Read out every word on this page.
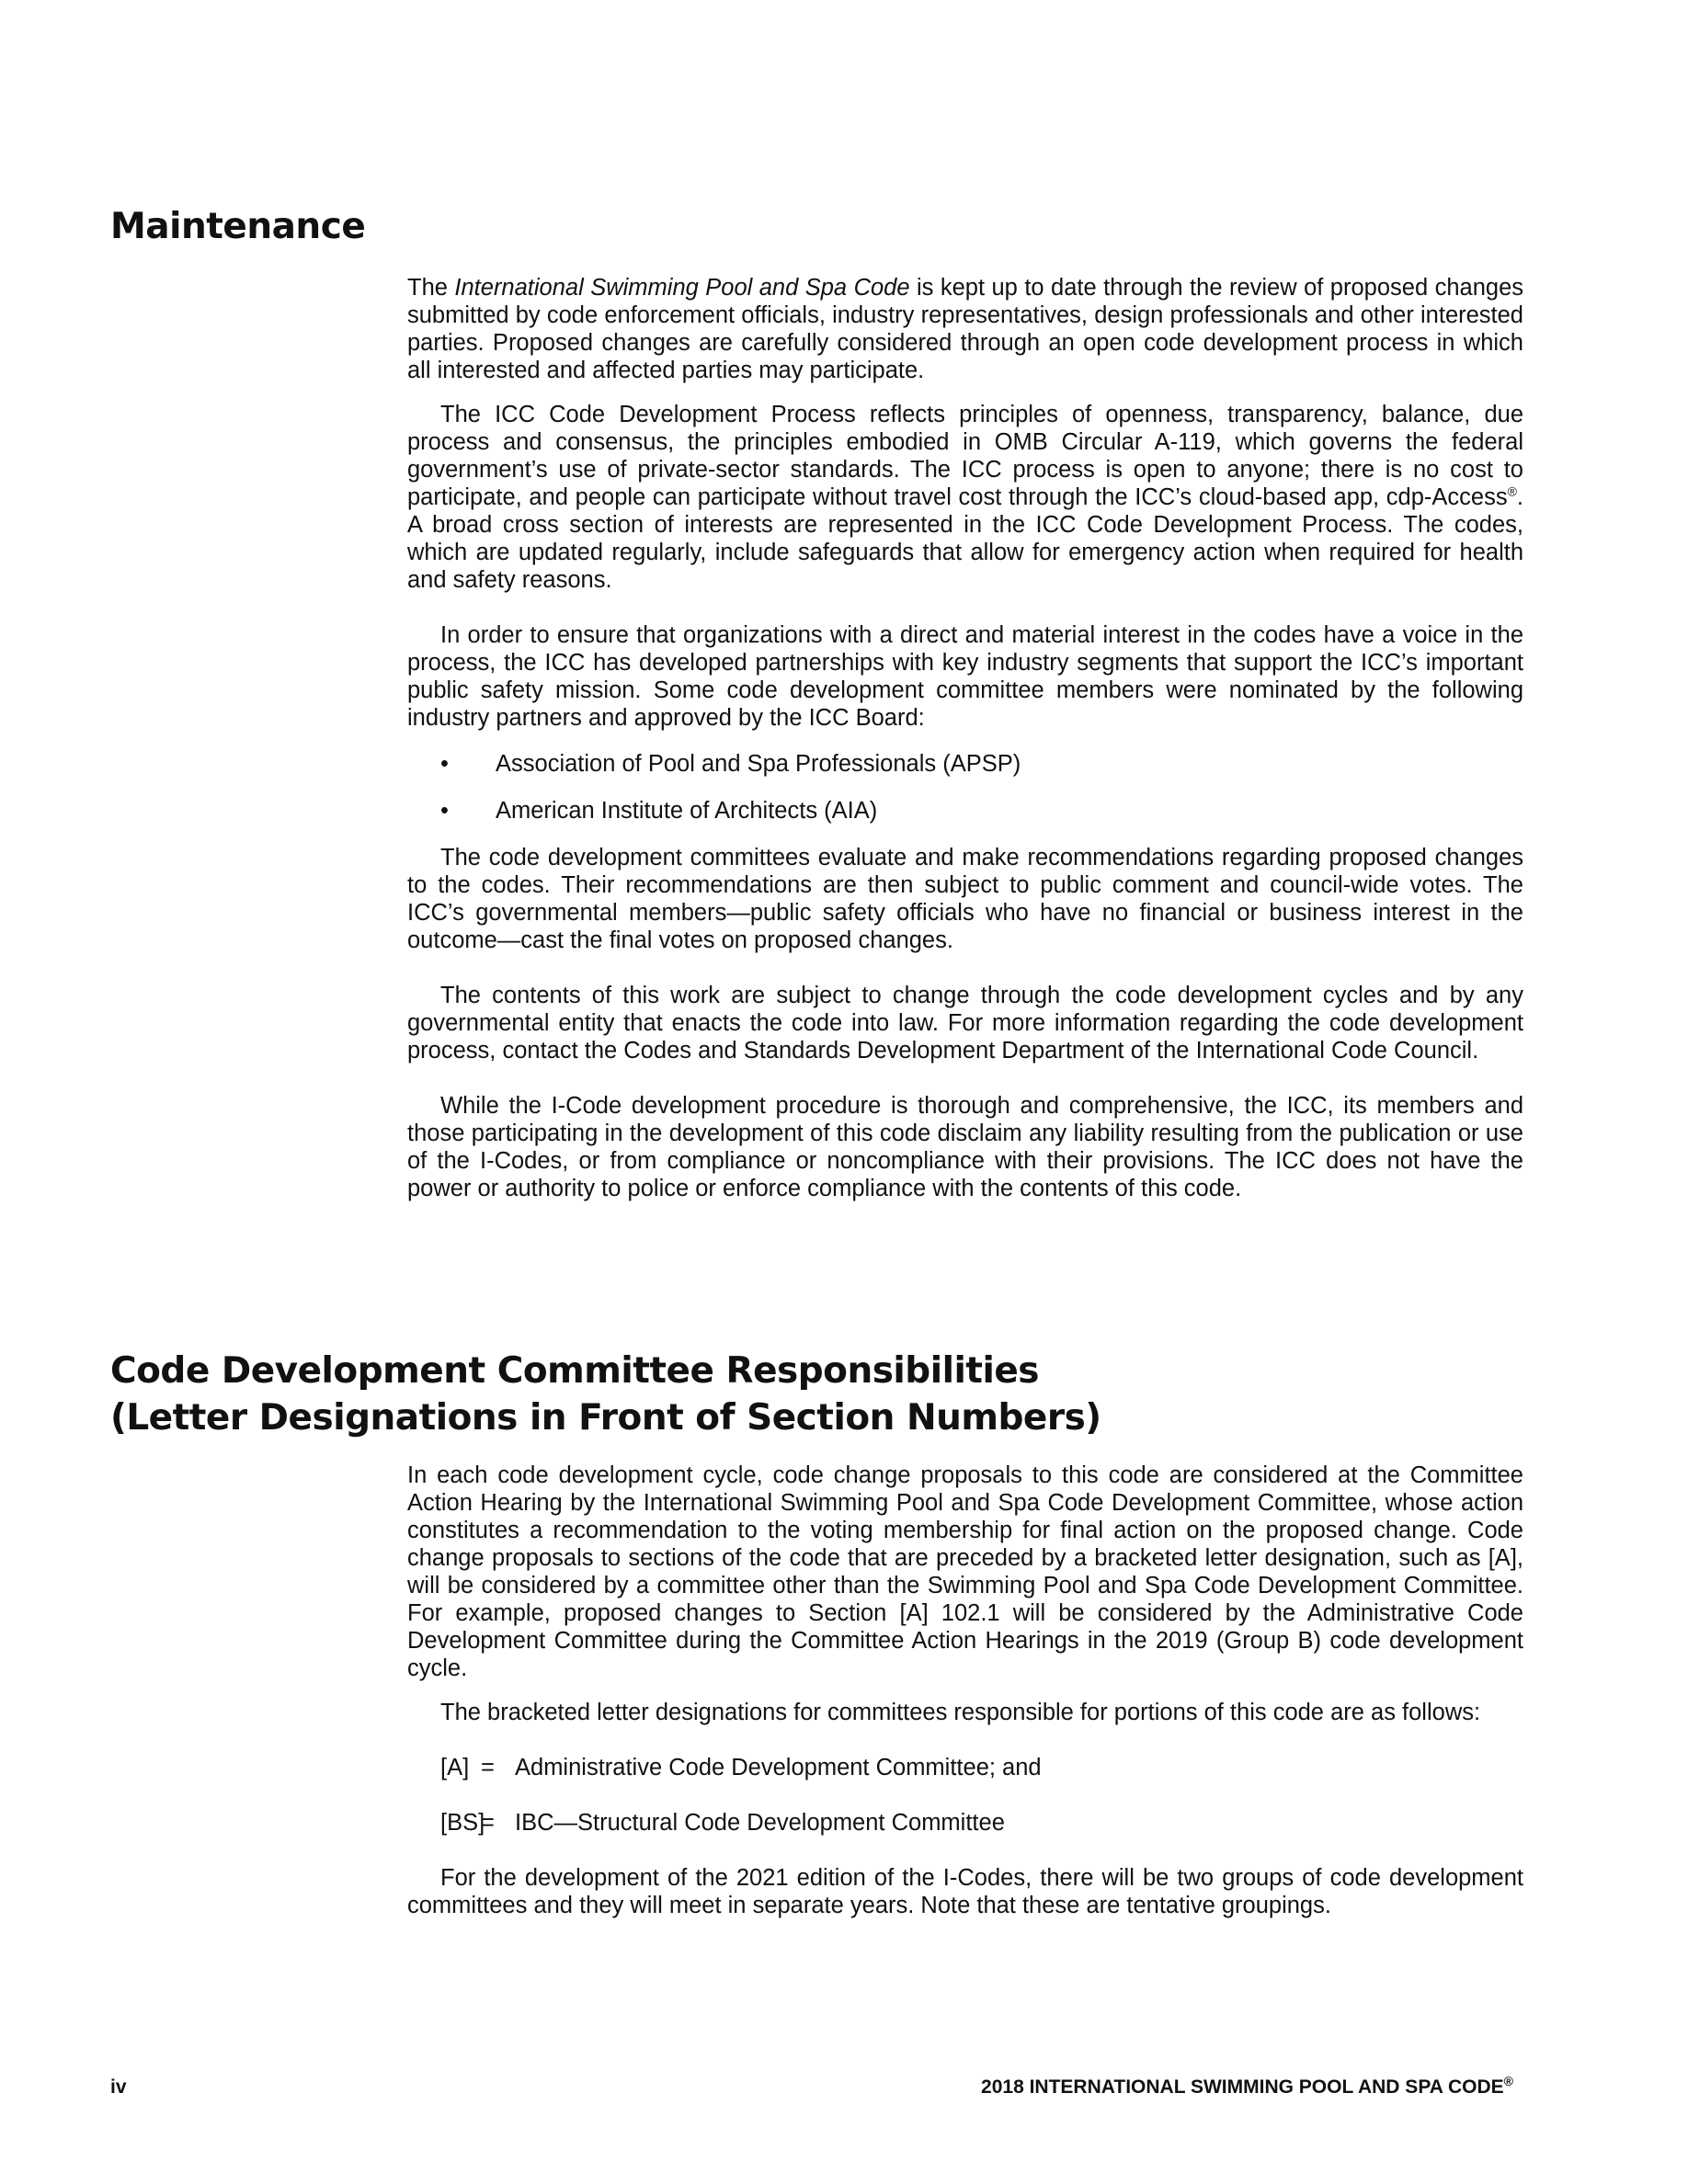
Maintenance

The International Swimming Pool and Spa Code is kept up to date through the review of proposed changes submitted by code enforcement officials, industry representatives, design professionals and other interested parties. Proposed changes are carefully considered through an open code development process in which all interested and affected parties may participate.

The ICC Code Development Process reflects principles of openness, transparency, balance, due process and consensus, the principles embodied in OMB Circular A-119, which governs the federal government’s use of private-sector standards. The ICC process is open to anyone; there is no cost to participate, and people can participate without travel cost through the ICC’s cloud-based app, cdp-Access®. A broad cross section of interests are represented in the ICC Code Development Process. The codes, which are updated regularly, include safeguards that allow for emergency action when required for health and safety reasons.

In order to ensure that organizations with a direct and material interest in the codes have a voice in the process, the ICC has developed partnerships with key industry segments that support the ICC’s important public safety mission. Some code development committee members were nominated by the following industry partners and approved by the ICC Board:

• Association of Pool and Spa Professionals (APSP)
• American Institute of Architects (AIA)

The code development committees evaluate and make recommendations regarding proposed changes to the codes. Their recommendations are then subject to public comment and council-wide votes. The ICC’s governmental members—public safety officials who have no financial or business interest in the outcome—cast the final votes on proposed changes.

The contents of this work are subject to change through the code development cycles and by any governmental entity that enacts the code into law. For more information regarding the code development process, contact the Codes and Standards Development Department of the International Code Council.

While the I-Code development procedure is thorough and comprehensive, the ICC, its members and those participating in the development of this code disclaim any liability resulting from the publication or use of the I-Codes, or from compliance or noncompliance with their provisions. The ICC does not have the power or authority to police or enforce compliance with the contents of this code.

Code Development Committee Responsibilities
(Letter Designations in Front of Section Numbers)

In each code development cycle, code change proposals to this code are considered at the Committee Action Hearing by the International Swimming Pool and Spa Code Development Committee, whose action constitutes a recommendation to the voting membership for final action on the proposed change. Code change proposals to sections of the code that are preceded by a bracketed letter designation, such as [A], will be considered by a committee other than the Swimming Pool and Spa Code Development Committee. For example, proposed changes to Section [A] 102.1 will be considered by the Administrative Code Development Committee during the Committee Action Hearings in the 2019 (Group B) code development cycle.

The bracketed letter designations for committees responsible for portions of this code are as follows:

[A] = Administrative Code Development Committee; and
[BS]
= IBC—Structural Code Development Committee

For the development of the 2021 edition of the I-Codes, there will be two groups of code development committees and they will meet in separate years. Note that these are tentative groupings.

iv	2018 INTERNATIONAL SWIMMING POOL AND SPA CODE®
